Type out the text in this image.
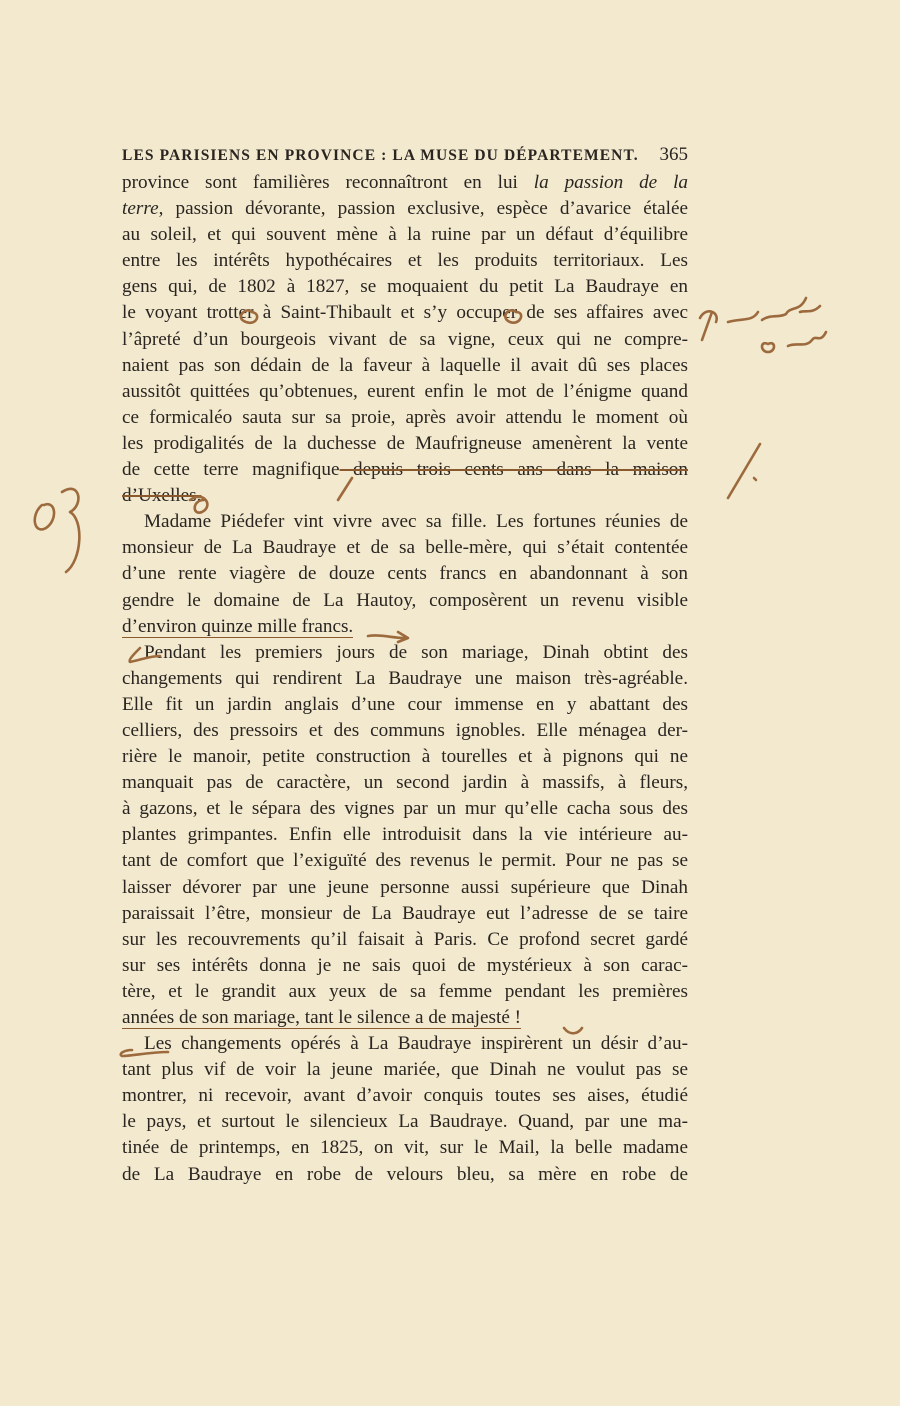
LES PARISIENS EN PROVINCE : LA MUSE DU DÉPARTEMENT. 365
province sont familières reconnaîtront en lui la passion de la
terre, passion dévorante, passion exclusive, espèce d’avarice étalée
au soleil, et qui souvent mène à la ruine par un défaut d’équilibre
entre les intérêts hypothécaires et les produits territoriaux. Les
gens qui, de 1802 à 1827, se moquaient du petit La Baudraye en
le voyant trotter à Saint-Thibault et s’y occuper de ses affaires avec
l’âpreté d’un bourgeois vivant de sa vigne, ceux qui ne compre-
naient pas son dédain de la faveur à laquelle il avait dû ses places
aussitôt quittées qu’obtenues, eurent enfin le mot de l’énigme quand
ce formicaléo sauta sur sa proie, après avoir attendu le moment où
les prodigalités de la duchesse de Maufrigneuse amenèrent la vente
de cette terre magnifique depuis trois cents ans dans la maison
d’Uxelles.
Madame Piédefer vint vivre avec sa fille. Les fortunes réunies de
monsieur de La Baudraye et de sa belle-mère, qui s’était contentée
d’une rente viagère de douze cents francs en abandonnant à son
gendre le domaine de La Hautoy, composèrent un revenu visible
d’environ quinze mille francs.
Pendant les premiers jours de son mariage, Dinah obtint des
changements qui rendirent La Baudraye une maison très-agréable.
Elle fit un jardin anglais d’une cour immense en y abattant des
celliers, des pressoirs et des communs ignobles. Elle ménagea der-
rière le manoir, petite construction à tourelles et à pignons qui ne
manquait pas de caractère, un second jardin à massifs, à fleurs,
à gazons, et le sépara des vignes par un mur qu’elle cacha sous des
plantes grimpantes. Enfin elle introduisit dans la vie intérieure au-
tant de comfort que l’exiguïté des revenus le permit. Pour ne pas se
laisser dévorer par une jeune personne aussi supérieure que Dinah
paraissait l’être, monsieur de La Baudraye eut l’adresse de se taire
sur les recouvrements qu’il faisait à Paris. Ce profond secret gardé
sur ses intérêts donna je ne sais quoi de mystérieux à son carac-
tère, et le grandit aux yeux de sa femme pendant les premières
années de son mariage, tant le silence a de majesté !
Les changements opérés à La Baudraye inspirèrent un désir d’au-
tant plus vif de voir la jeune mariée, que Dinah ne voulut pas se
montrer, ni recevoir, avant d’avoir conquis toutes ses aises, étudié
le pays, et surtout le silencieux La Baudraye. Quand, par une ma-
tinée de printemps, en 1825, on vit, sur le Mail, la belle madame
de La Baudraye en robe de velours bleu, sa mère en robe de
